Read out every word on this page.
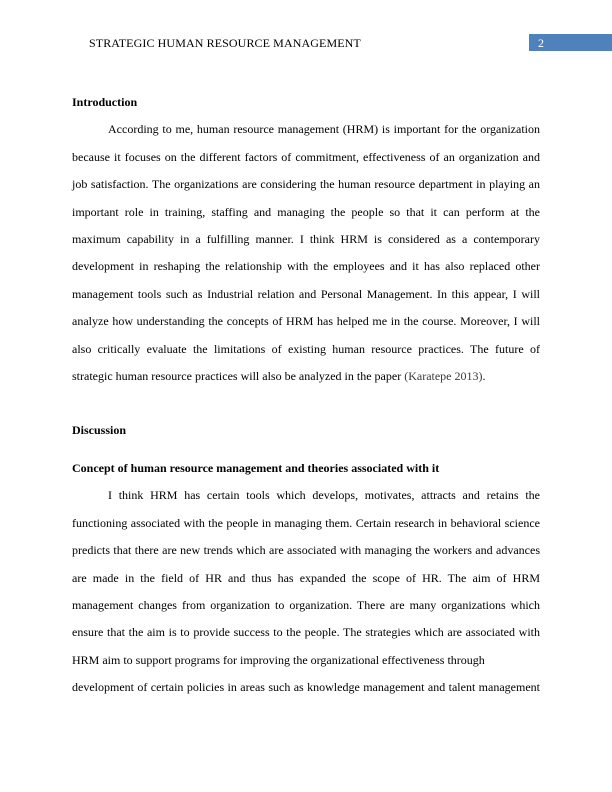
STRATEGIC HUMAN RESOURCE MANAGEMENT	2
Introduction

According to me, human resource management (HRM) is important for the organization because it focuses on the different factors of commitment, effectiveness of an organization and job satisfaction. The organizations are considering the human resource department in playing an important role in training, staffing and managing the people so that it can perform at the maximum capability in a fulfilling manner. I think HRM is considered as a contemporary development in reshaping the relationship with the employees and it has also replaced other management tools such as Industrial relation and Personal Management. In this appear, I will analyze how understanding the concepts of HRM has helped me in the course. Moreover, I will also critically evaluate the limitations of existing human resource practices. The future of strategic human resource practices will also be analyzed in the paper (Karatepe 2013).

Discussion
Concept of human resource management and theories associated with it

I think HRM has certain tools which develops, motivates, attracts and retains the functioning associated with the people in managing them. Certain research in behavioral science predicts that there are new trends which are associated with managing the workers and advances are made in the field of HR and thus has expanded the scope of HR. The aim of HRM management changes from organization to organization. There are many organizations which ensure that the aim is to provide success to the people. The strategies which are associated with HRM aim to support programs for improving the organizational effectiveness through

development of certain policies in areas such as knowledge management and talent management
